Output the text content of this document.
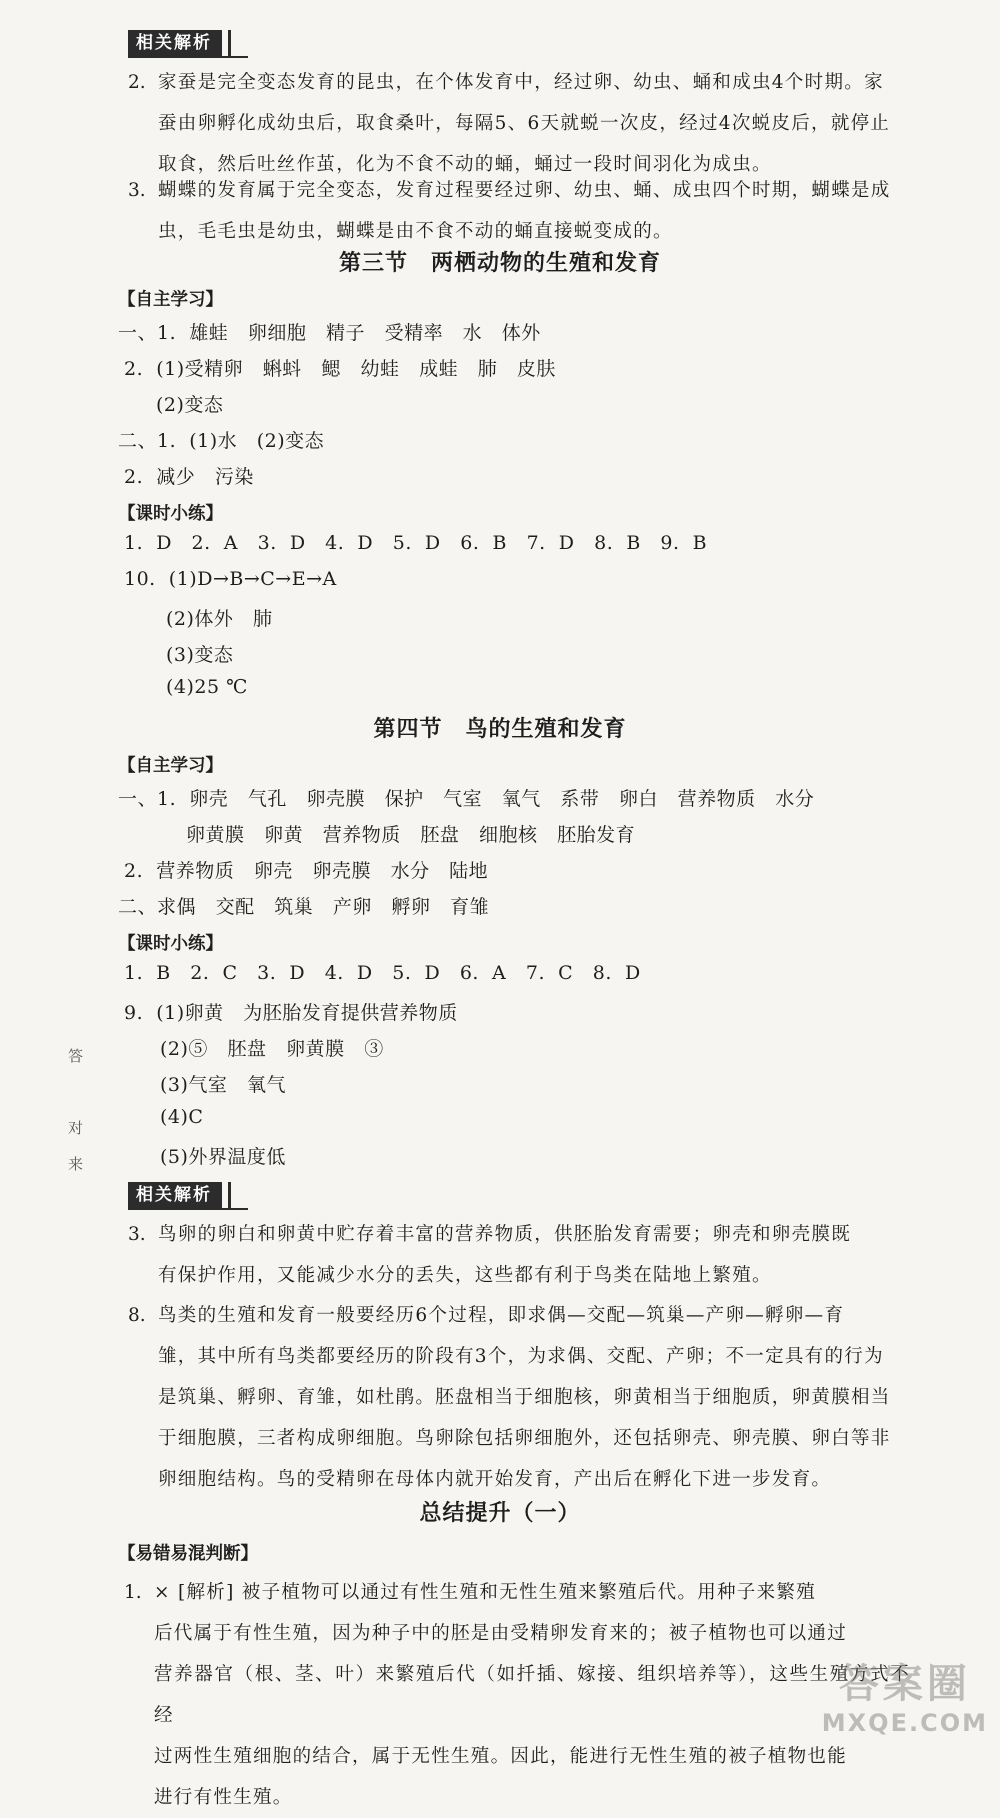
相关解析
2. 家蚕是完全变态发育的昆虫，在个体发育中，经过卵、幼虫、蛹和成虫4个时期。家
蚕由卵孵化成幼虫后，取食桑叶，每隔5、6天就蜕一次皮，经过4次蜕皮后，就停止
取食，然后吐丝作茧，化为不食不动的蛹，蛹过一段时间羽化为成虫。
3. 蝴蝶的发育属于完全变态，发育过程要经过卵、幼虫、蛹、成虫四个时期，蝴蝶是成
虫，毛毛虫是幼虫，蝴蝶是由不食不动的蛹直接蜕变成的。
第三节　两栖动物的生殖和发育
【自主学习】
一、1.  雄蛙   卵细胞   精子   受精率   水   体外
2.  (1)受精卵   蝌蚪   鳃   幼蛙   成蛙   肺   皮肤
(2)变态
二、1.  (1)水   (2)变态
2.  减少   污染
【课时小练】
1.  D   2.  A   3.  D   4.  D   5.  D   6.  B   7.  D   8.  B   9.  B
10.  (1)D→B→C→E→A
(2)体外   肺
(3)变态
(4)25 ℃
第四节　鸟的生殖和发育
【自主学习】
一、1.  卵壳   气孔   卵壳膜   保护   气室   氧气   系带   卵白   营养物质   水分
卵黄膜   卵黄   营养物质   胚盘   细胞核   胚胎发育
2.  营养物质   卵壳   卵壳膜   水分   陆地
二、求偶   交配   筑巢   产卵   孵卵   育雏
【课时小练】
1.  B   2.  C   3.  D   4.  D   5.  D   6.  A   7.  C   8.  D
9.  (1)卵黄   为胚胎发育提供营养物质
(2)⑤   胚盘   卵黄膜   ③
(3)气室   氧气
(4)C
(5)外界温度低
答
对
来
相关解析
3. 鸟卵的卵白和卵黄中贮存着丰富的营养物质，供胚胎发育需要；卵壳和卵壳膜既
有保护作用，又能减少水分的丢失，这些都有利于鸟类在陆地上繁殖。
8. 鸟类的生殖和发育一般要经历6个过程，即求偶—交配—筑巢—产卵—孵卵—育
雏，其中所有鸟类都要经历的阶段有3个，为求偶、交配、产卵；不一定具有的行为
是筑巢、孵卵、育雏，如杜鹃。胚盘相当于细胞核，卵黄相当于细胞质，卵黄膜相当
于细胞膜，三者构成卵细胞。鸟卵除包括卵细胞外，还包括卵壳、卵壳膜、卵白等非
卵细胞结构。鸟的受精卵在母体内就开始发育，产出后在孵化下进一步发育。
总结提升（一）
【易错易混判断】
1. × [解析] 被子植物可以通过有性生殖和无性生殖来繁殖后代。用种子来繁殖
后代属于有性生殖，因为种子中的胚是由受精卵发育来的；被子植物也可以通过
营养器官（根、茎、叶）来繁殖后代（如扦插、嫁接、组织培养等），这些生殖方式不经
过两性生殖细胞的结合，属于无性生殖。因此，能进行无性生殖的被子植物也能
进行有性生殖。
答案圈
MXQE.COM
